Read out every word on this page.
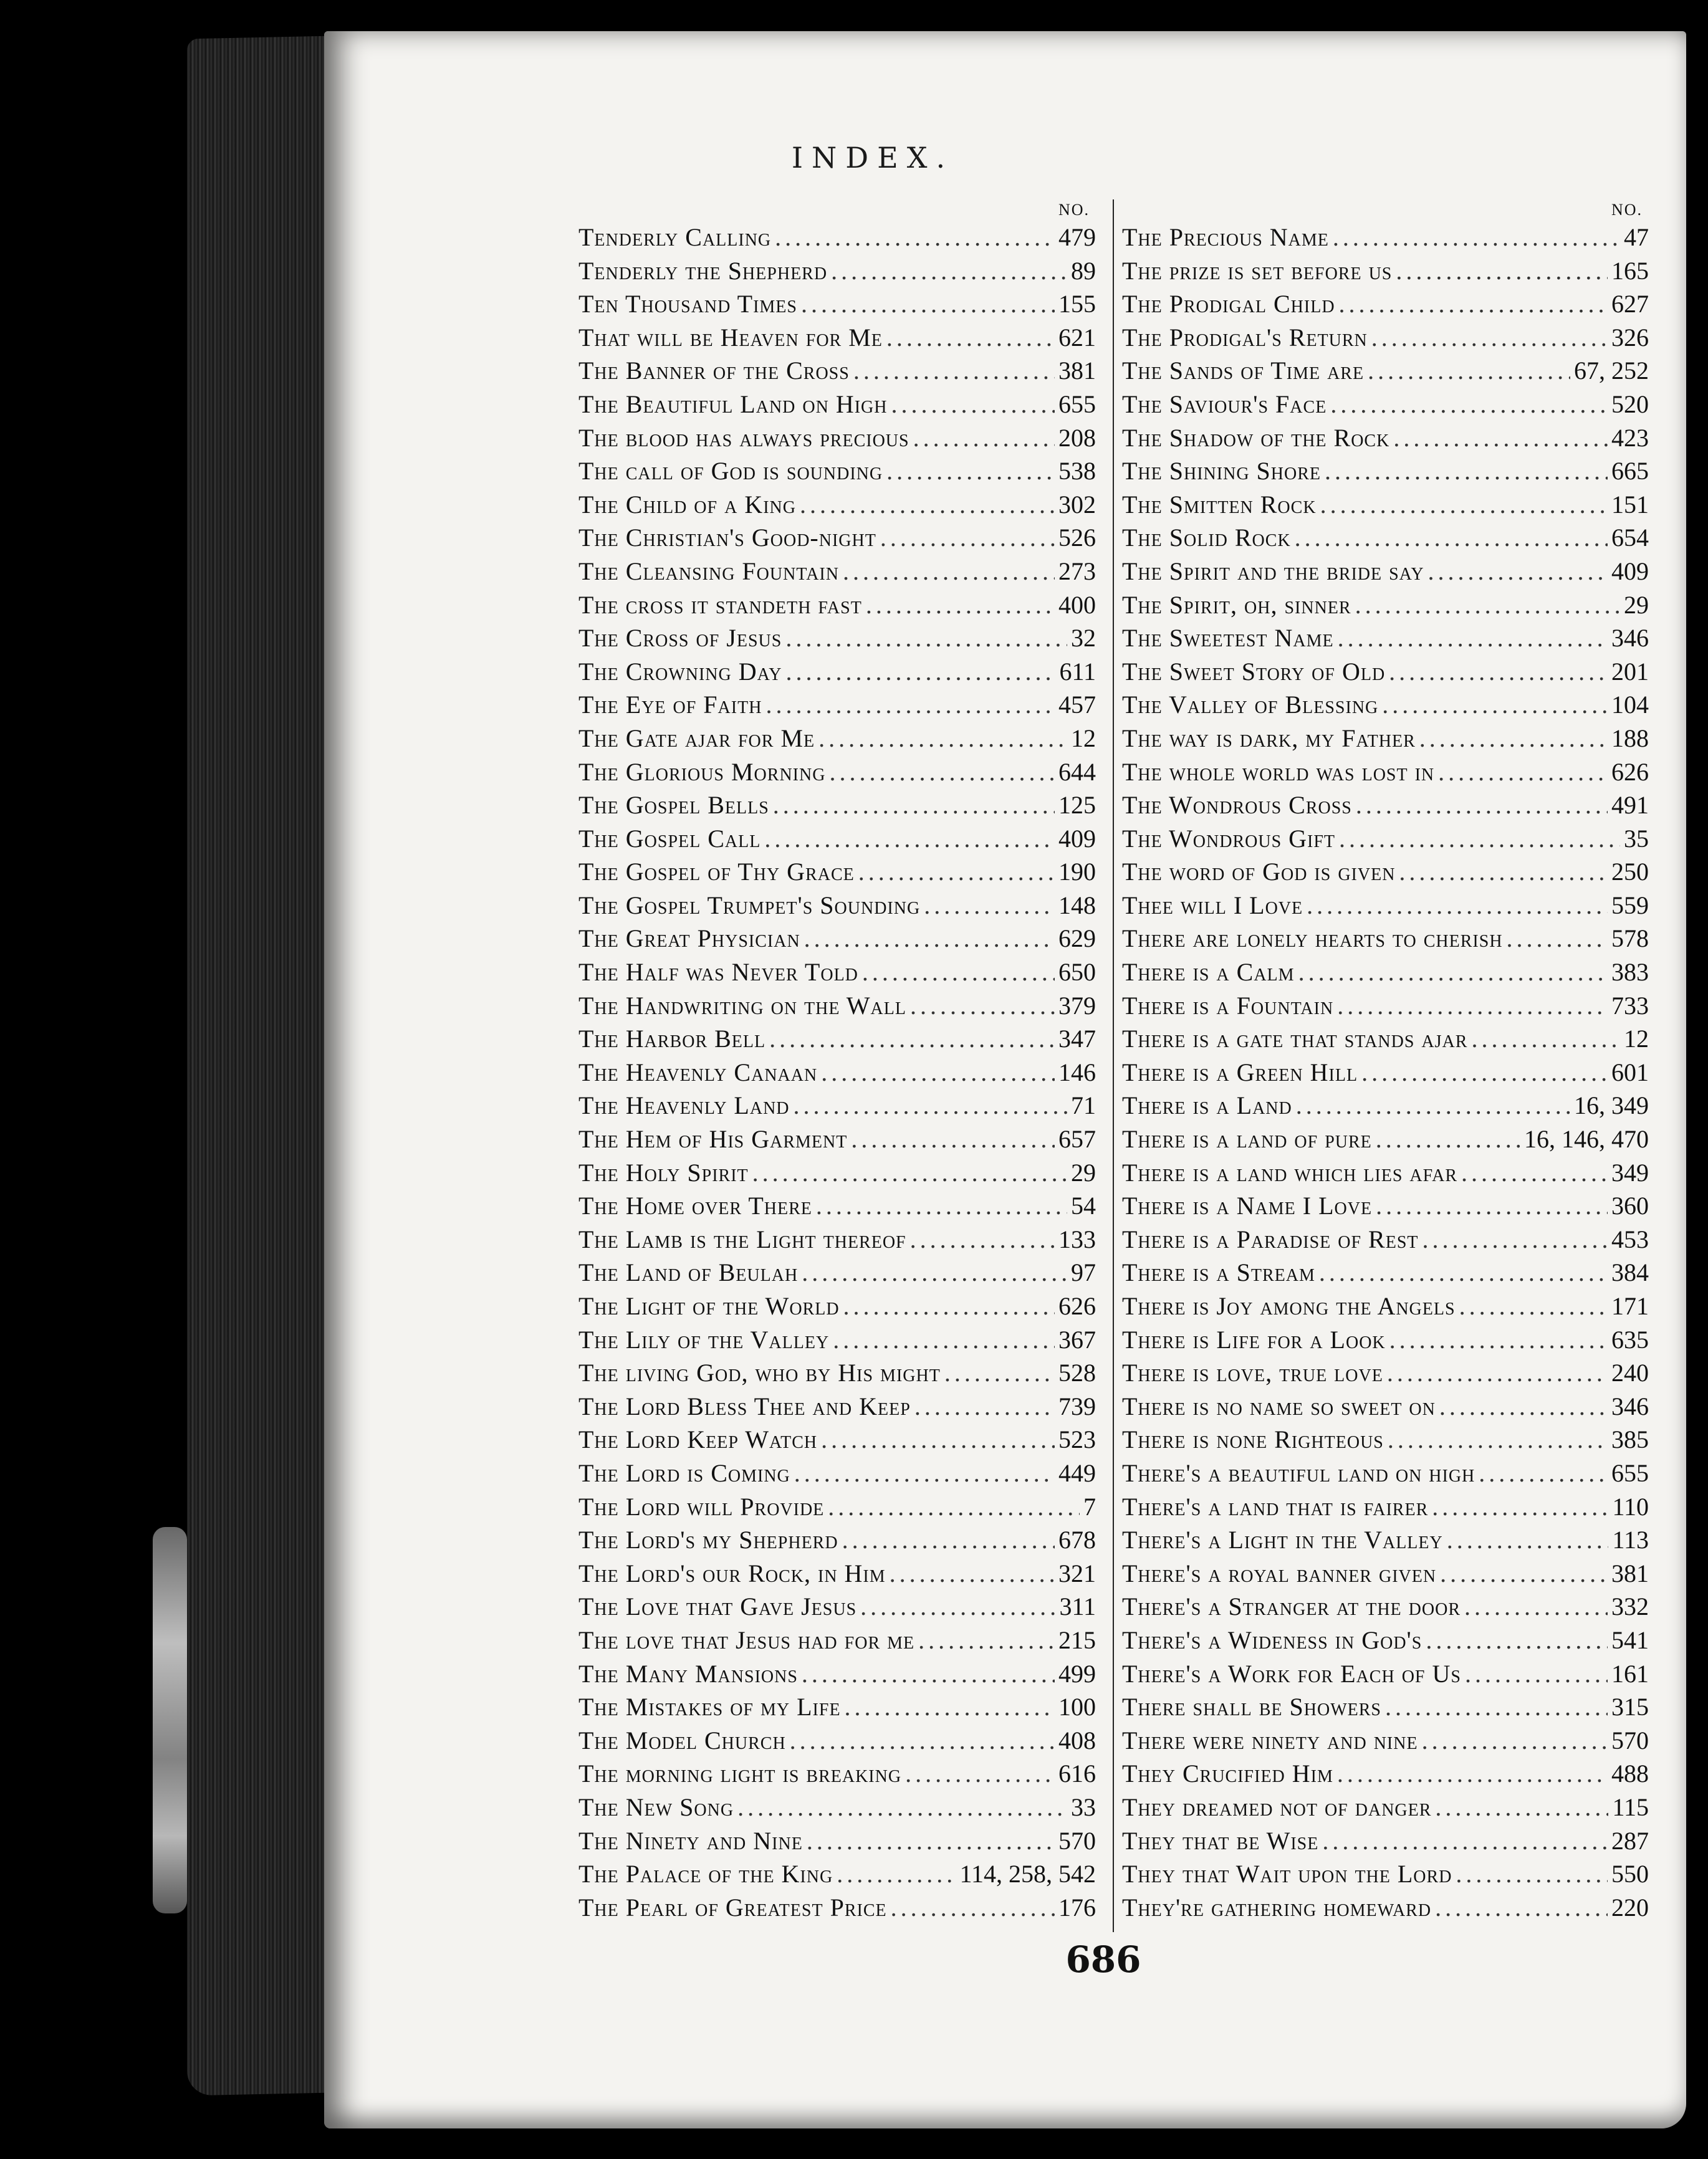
INDEX.
NO.
Tenderly Calling .....	479
Tenderly the Shepherd .....	89
Ten Thousand Times .....	155
That will be Heaven for Me .....	621
The Banner of the Cross .....	381
The Beautiful Land on High .....	655
The blood has always precious .....	208
The call of God is sounding .....	538
The Child of a King .....	302
The Christian's Good-night .....	526
The Cleansing Fountain .....	273
The cross it standeth fast .....	400
The Cross of Jesus .....	32
The Crowning Day .....	611
The Eye of Faith .....	457
The Gate ajar for Me .....	12
The Glorious Morning .....	644
The Gospel Bells .....	125
The Gospel Call .....	409
The Gospel of Thy Grace .....	190
The Gospel Trumpet's Sounding .....	148
The Great Physician .....	629
The Half was Never Told .....	650
The Handwriting on the Wall .....	379
The Harbor Bell .....	347
The Heavenly Canaan .....	146
The Heavenly Land .....	71
The Hem of His Garment .....	657
The Holy Spirit .....	29
The Home over There .....	54
The Lamb is the Light thereof .....	133
The Land of Beulah .....	97
The Light of the World .....	626
The Lily of the Valley .....	367
The living God, who by His might .....	528
The Lord Bless Thee and Keep .....	739
The Lord Keep Watch .....	523
The Lord is Coming .....	449
The Lord will Provide .....	7
The Lord's my Shepherd .....	678
The Lord's our Rock, in Him .....	321
The Love that Gave Jesus .....	311
The love that Jesus had for me .....	215
The Many Mansions .....	499
The Mistakes of my Life .....	100
The Model Church .....	408
The morning light is breaking .....	616
The New Song .....	33
The Ninety and Nine .....	570
The Palace of the King .....	114, 258, 542
The Pearl of Greatest Price .....	176
NO.
The Precious Name .....	47
The prize is set before us .....	165
The Prodigal Child .....	627
The Prodigal's Return .....	326
The Sands of Time are .....	67, 252
The Saviour's Face .....	520
The Shadow of the Rock .....	423
The Shining Shore .....	665
The Smitten Rock .....	151
The Solid Rock .....	654
The Spirit and the bride say .....	409
The Spirit, oh, sinner .....	29
The Sweetest Name .....	346
The Sweet Story of Old .....	201
The Valley of Blessing .....	104
The way is dark, my Father .....	188
The whole world was lost in .....	626
The Wondrous Cross .....	491
The Wondrous Gift .....	35
The word of God is given .....	250
Thee will I Love .....	559
There are lonely hearts to cherish .....	578
There is a Calm .....	383
There is a Fountain .....	733
There is a gate that stands ajar .....	12
There is a Green Hill .....	601
There is a Land .....	16, 349
There is a land of pure .....	16, 146, 470
There is a land which lies afar .....	349
There is a Name I Love .....	360
There is a Paradise of Rest .....	453
There is a Stream .....	384
There is Joy among the Angels .....	171
There is Life for a Look .....	635
There is love, true love .....	240
There is no name so sweet on .....	346
There is none Righteous .....	385
There's a beautiful land on high .....	655
There's a land that is fairer .....	110
There's a Light in the Valley .....	113
There's a royal banner given .....	381
There's a Stranger at the door .....	332
There's a Wideness in God's .....	541
There's a Work for Each of Us .....	161
There shall be Showers .....	315
There were ninety and nine .....	570
They Crucified Him .....	488
They dreamed not of danger .....	115
They that be Wise .....	287
They that Wait upon the Lord .....	550
They're gathering homeward .....	220
686
